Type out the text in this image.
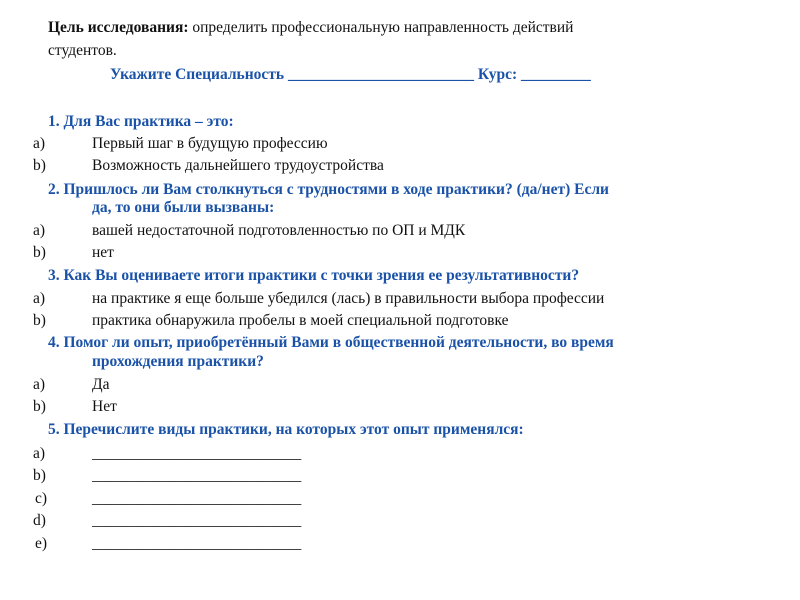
Цель исследования: определить профессиональную направленность действий
студентов.
Укажите Специальность ________________________ Курс: _________
1. Для Вас практика – это:
a)	Первый шаг в будущую профессию
b)	Возможность дальнейшего трудоустройства
2. Пришлось ли Вам столкнуться с трудностями в ходе практики? (да/нет) Если
да, то они были вызваны:
a)	вашей недостаточной подготовленностью по ОП и МДК
b)	нет
3. Как Вы оцениваете итоги практики с точки зрения ее результативности?
a)	на практике я еще больше убедился (лась) в правильности выбора профессии
b)	практика обнаружила пробелы в моей специальной подготовке
4. Помог ли опыт, приобретённый Вами в общественной деятельности, во время
прохождения практики?
a)	Да
b)	Нет
5. Перечислите виды практики, на которых этот опыт применялся:
a)	___________________________
b)	___________________________
c)	___________________________
d)	___________________________
e)	___________________________
